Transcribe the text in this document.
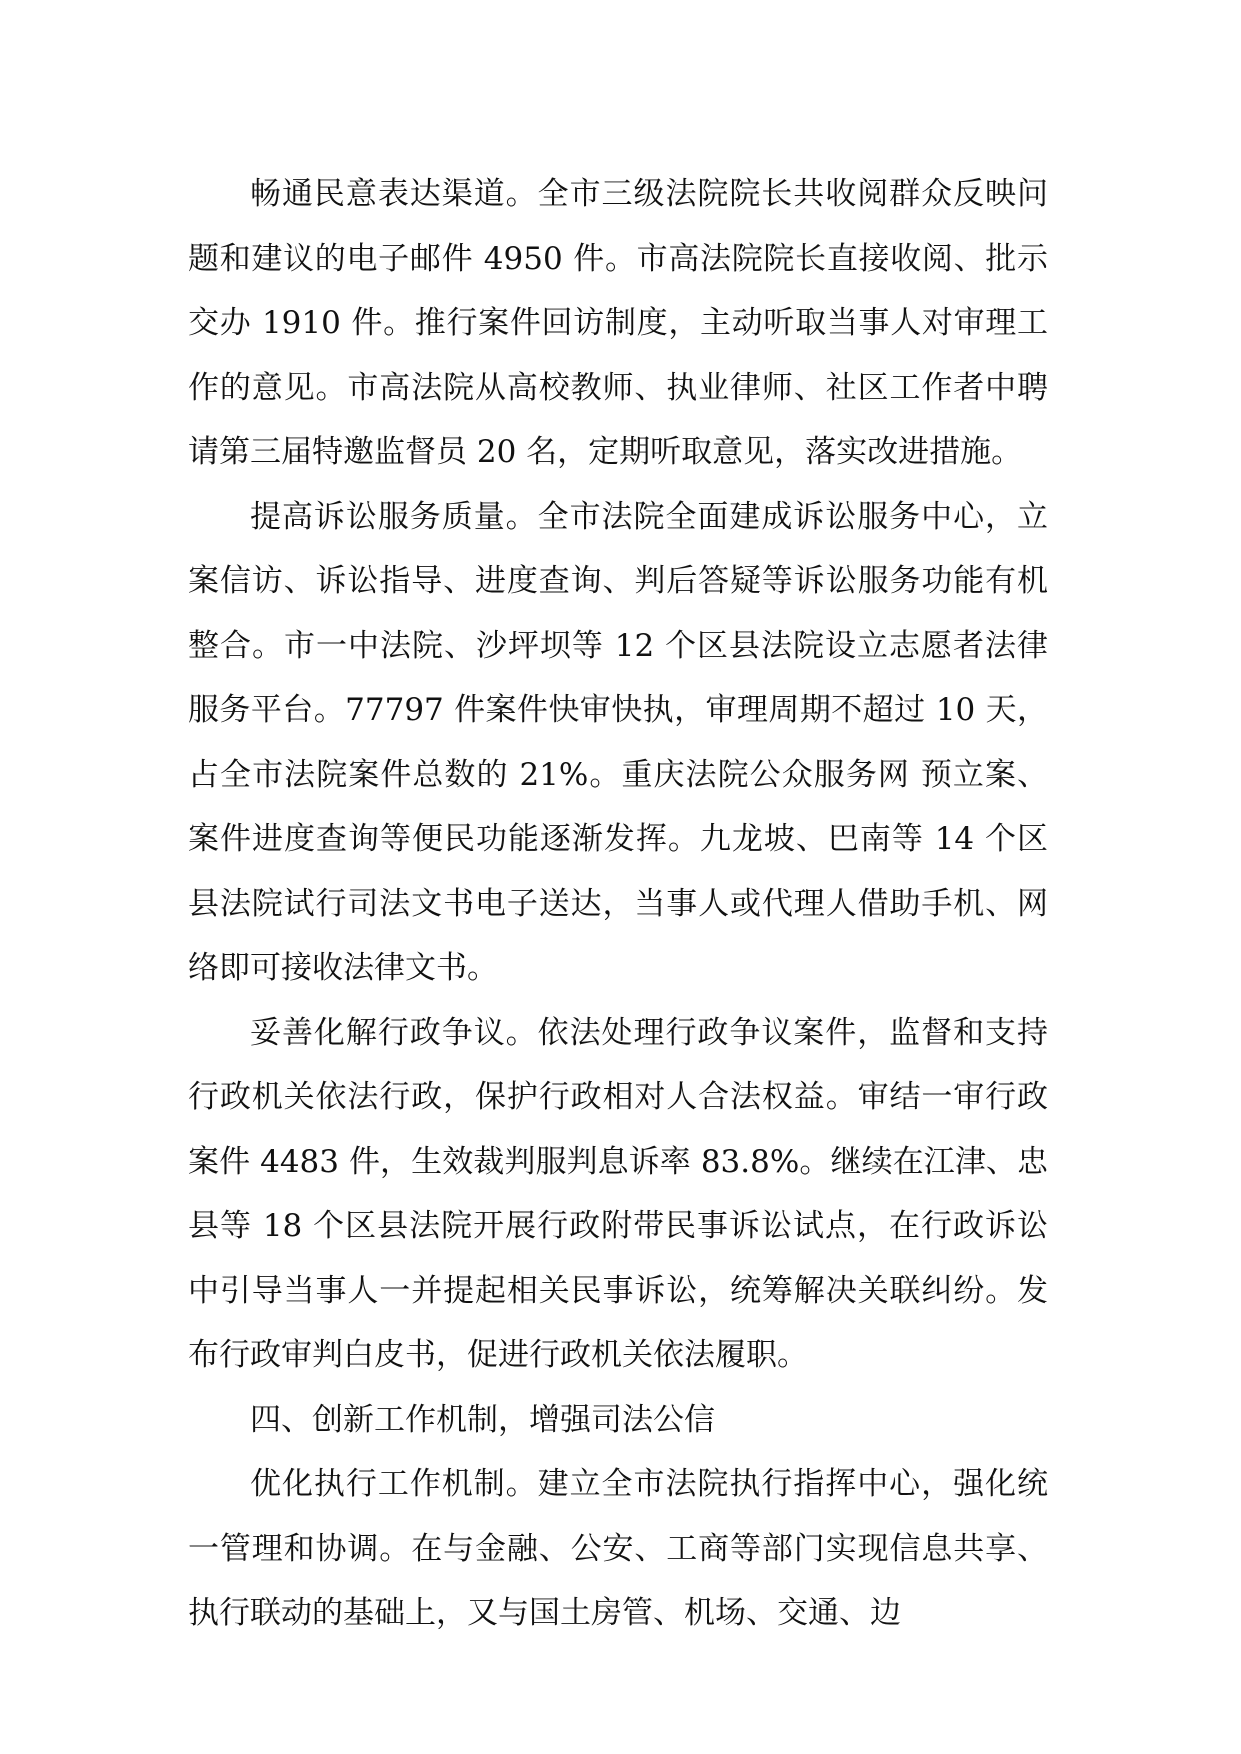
畅通民意表达渠道。全市三级法院院长共收阅群众反映问题和建议的电子邮件 4950 件。市高法院院长直接收阅、批示交办 1910 件。推行案件回访制度，主动听取当事人对审理工作的意见。市高法院从高校教师、执业律师、社区工作者中聘请第三届特邀监督员 20 名，定期听取意见，落实改进措施。

提高诉讼服务质量。全市法院全面建成诉讼服务中心，立案信访、诉讼指导、进度查询、判后答疑等诉讼服务功能有机整合。市一中法院、沙坪坝等 12 个区县法院设立志愿者法律服务平台。77797 件案件快审快执，审理周期不超过 10 天，占全市法院案件总数的 21%。重庆法院公众服务网 预立案、案件进度查询等便民功能逐渐发挥。九龙坡、巴南等 14 个区县法院试行司法文书电子送达，当事人或代理人借助手机、网络即可接收法律文书。

妥善化解行政争议。依法处理行政争议案件，监督和支持行政机关依法行政，保护行政相对人合法权益。审结一审行政案件 4483 件，生效裁判服判息诉率 83.8%。继续在江津、忠县等 18 个区县法院开展行政附带民事诉讼试点，在行政诉讼中引导当事人一并提起相关民事诉讼，统筹解决关联纠纷。发布行政审判白皮书，促进行政机关依法履职。

四、创新工作机制，增强司法公信

优化执行工作机制。建立全市法院执行指挥中心，强化统一管理和协调。在与金融、公安、工商等部门实现信息共享、执行联动的基础上，又与国土房管、机场、交通、边
